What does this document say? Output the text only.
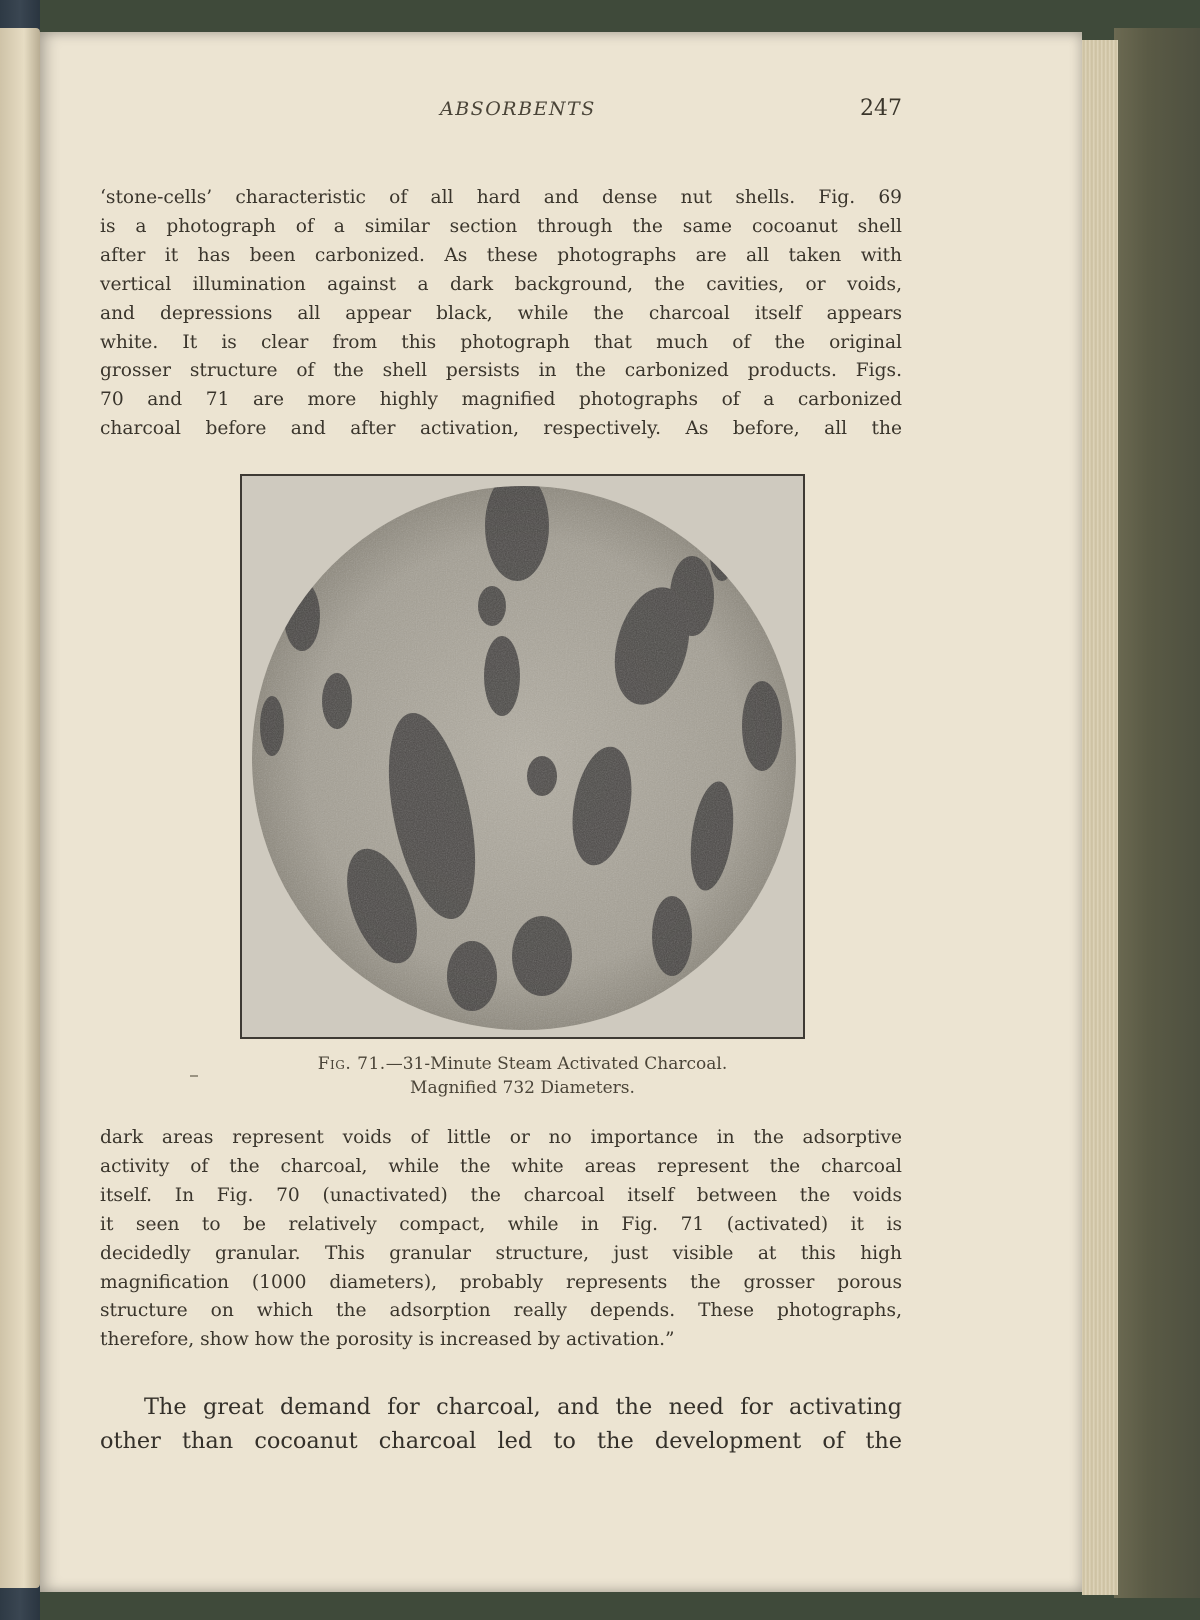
ABSORBENTS	247

‘stone-cells’ characteristic of all hard and dense nut shells. Fig. 69
is a photograph of a similar section through the same cocoanut shell
after it has been carbonized. As these photographs are all taken with
vertical illumination against a dark background, the cavities, or voids,
and depressions all appear black, while the charcoal itself appears
white. It is clear from this photograph that much of the original
grosser structure of the shell persists in the carbonized products. Figs.
70 and 71 are more highly magnified photographs of a carbonized
charcoal before and after activation, respectively. As before, all the

Fig. 71.—31-Minute Steam Activated Charcoal.
Magnified 732 Diameters.

dark areas represent voids of little or no importance in the adsorptive
activity of the charcoal, while the white areas represent the charcoal
itself. In Fig. 70 (unactivated) the charcoal itself between the voids
it seen to be relatively compact, while in Fig. 71 (activated) it is
decidedly granular. This granular structure, just visible at this high
magnification (1000 diameters), probably represents the grosser porous
structure on which the adsorption really depends. These photographs,
therefore, show how the porosity is increased by activation.”

The great demand for charcoal, and the need for activating
other than cocoanut charcoal led to the development of the
